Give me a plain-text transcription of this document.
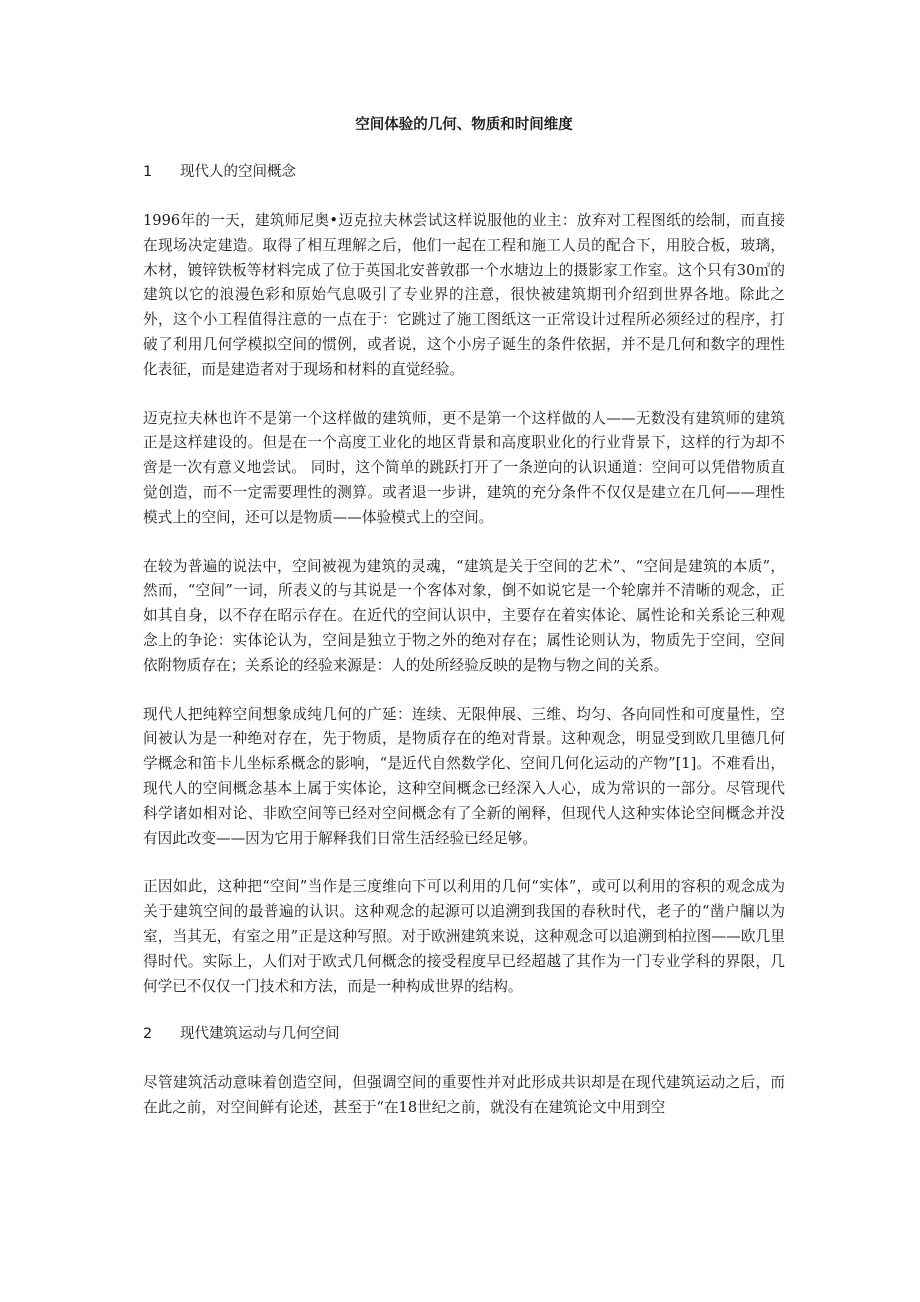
空间体验的几何、物质和时间维度
1 现代人的空间概念

1996年的一天，建筑师尼奥•迈克拉夫林尝试这样说服他的业主：放弃对工程图纸的绘制，而直接在现场决定建造。取得了相互理解之后，他们一起在工程和施工人员的配合下，用胶合板，玻璃，木材，镀锌铁板等材料完成了位于英国北安普敦郡一个水塘边上的摄影家工作室。这个只有30㎡的建筑以它的浪漫色彩和原始气息吸引了专业界的注意，很快被建筑期刊介绍到世界各地。除此之外，这个小工程值得注意的一点在于：它跳过了施工图纸这一正常设计过程所必须经过的程序，打破了利用几何学模拟空间的惯例，或者说，这个小房子诞生的条件依据，并不是几何和数字的理性化表征，而是建造者对于现场和材料的直觉经验。

迈克拉夫林也许不是第一个这样做的建筑师，更不是第一个这样做的人——无数没有建筑师的建筑正是这样建设的。但是在一个高度工业化的地区背景和高度职业化的行业背景下，这样的行为却不啻是一次有意义地尝试。 同时，这个简单的跳跃打开了一条逆向的认识通道：空间可以凭借物质直觉创造，而不一定需要理性的测算。或者退一步讲，建筑的充分条件不仅仅是建立在几何——理性模式上的空间，还可以是物质——体验模式上的空间。

在较为普遍的说法中，空间被视为建筑的灵魂，“建筑是关于空间的艺术”、“空间是建筑的本质”，然而，“空间”一词，所表义的与其说是一个客体对象，倒不如说它是一个轮廓并不清晰的观念，正如其自身，以不存在昭示存在。在近代的空间认识中，主要存在着实体论、属性论和关系论三种观念上的争论：实体论认为，空间是独立于物之外的绝对存在；属性论则认为，物质先于空间，空间依附物质存在；关系论的经验来源是：人的处所经验反映的是物与物之间的关系。

现代人把纯粹空间想象成纯几何的广延：连续、无限伸展、三维、均匀、各向同性和可度量性，空间被认为是一种绝对存在，先于物质，是物质存在的绝对背景。这种观念，明显受到欧几里德几何学概念和笛卡儿坐标系概念的影响，“是近代自然数学化、空间几何化运动的产物”[1]。不难看出，现代人的空间概念基本上属于实体论，这种空间概念已经深入人心，成为常识的一部分。尽管现代科学诸如相对论、非欧空间等已经对空间概念有了全新的阐释，但现代人这种实体论空间概念并没有因此改变——因为它用于解释我们日常生活经验已经足够。

正因如此，这种把“空间”当作是三度维向下可以利用的几何“实体”，或可以利用的容积的观念成为关于建筑空间的最普遍的认识。这种观念的起源可以追溯到我国的春秋时代，老子的“凿户牖以为室，当其无，有室之用”正是这种写照。对于欧洲建筑来说，这种观念可以追溯到柏拉图——欧几里得时代。实际上，人们对于欧式几何概念的接受程度早已经超越了其作为一门专业学科的界限，几何学已不仅仅一门技术和方法，而是一种构成世界的结构。

2 现代建筑运动与几何空间

尽管建筑活动意味着创造空间，但强调空间的重要性并对此形成共识却是在现代建筑运动之后，而在此之前，对空间鲜有论述，甚至于“在18世纪之前，就没有在建筑论文中用到空
